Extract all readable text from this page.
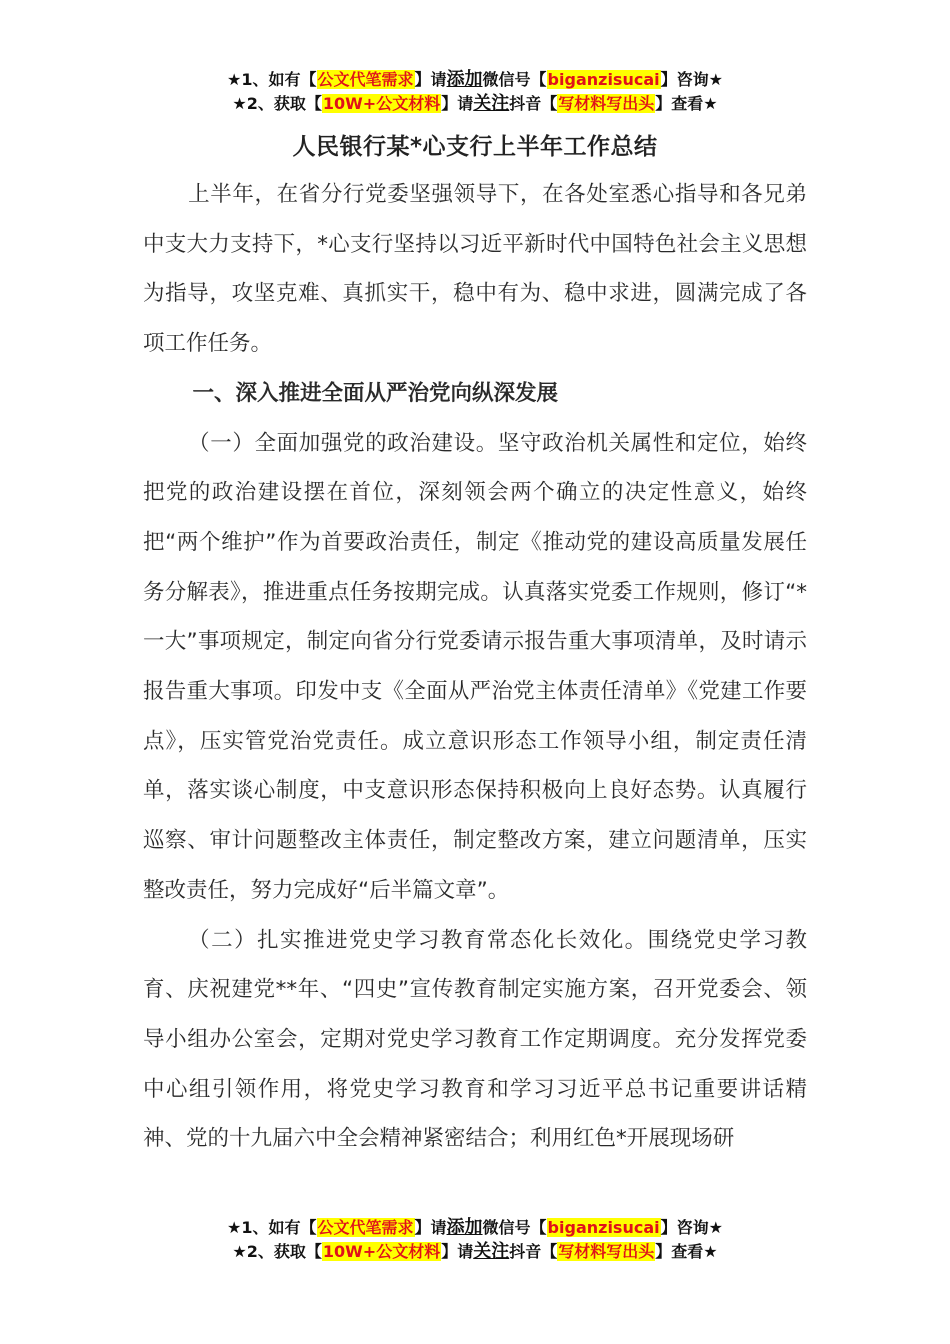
★1、如有【公文代笔需求】请添加微信号【biganzisucai】咨询★
★2、获取【10W+公文材料】请关注抖音【写材料写出头】查看★
人民银行某*心支行上半年工作总结

上半年，在省分行党委坚强领导下，在各处室悉心指导和各兄弟中支大力支持下，*心支行坚持以习近平新时代中国特色社会主义思想为指导，攻坚克难、真抓实干，稳中有为、稳中求进，圆满完成了各项工作任务。

一、深入推进全面从严治党向纵深发展

（一）全面加强党的政治建设。坚守政治机关属性和定位，始终把党的政治建设摆在首位，深刻领会两个确立的决定性意义，始终把“两个维护”作为首要政治责任，制定《推动党的建设高质量发展任务分解表》，推进重点任务按期完成。认真落实党委工作规则，修订“*一大”事项规定，制定向省分行党委请示报告重大事项清单，及时请示报告重大事项。印发中支《全面从严治党主体责任清单》《党建工作要点》，压实管党治党责任。成立意识形态工作领导小组，制定责任清单，落实谈心制度，中支意识形态保持积极向上良好态势。认真履行巡察、审计问题整改主体责任，制定整改方案，建立问题清单，压实整改责任，努力完成好“后半篇文章”。

（二）扎实推进党史学习教育常态化长效化。围绕党史学习教育、庆祝建党**年、“四史”宣传教育制定实施方案，召开党委会、领导小组办公室会，定期对党史学习教育工作定期调度。充分发挥党委中心组引领作用，将党史学习教育和学习习近平总书记重要讲话精神、党的十九届六中全会精神紧密结合；利用红色*开展现场研

★1、如有【公文代笔需求】请添加微信号【biganzisucai】咨询★
★2、获取【10W+公文材料】请关注抖音【写材料写出头】查看★
